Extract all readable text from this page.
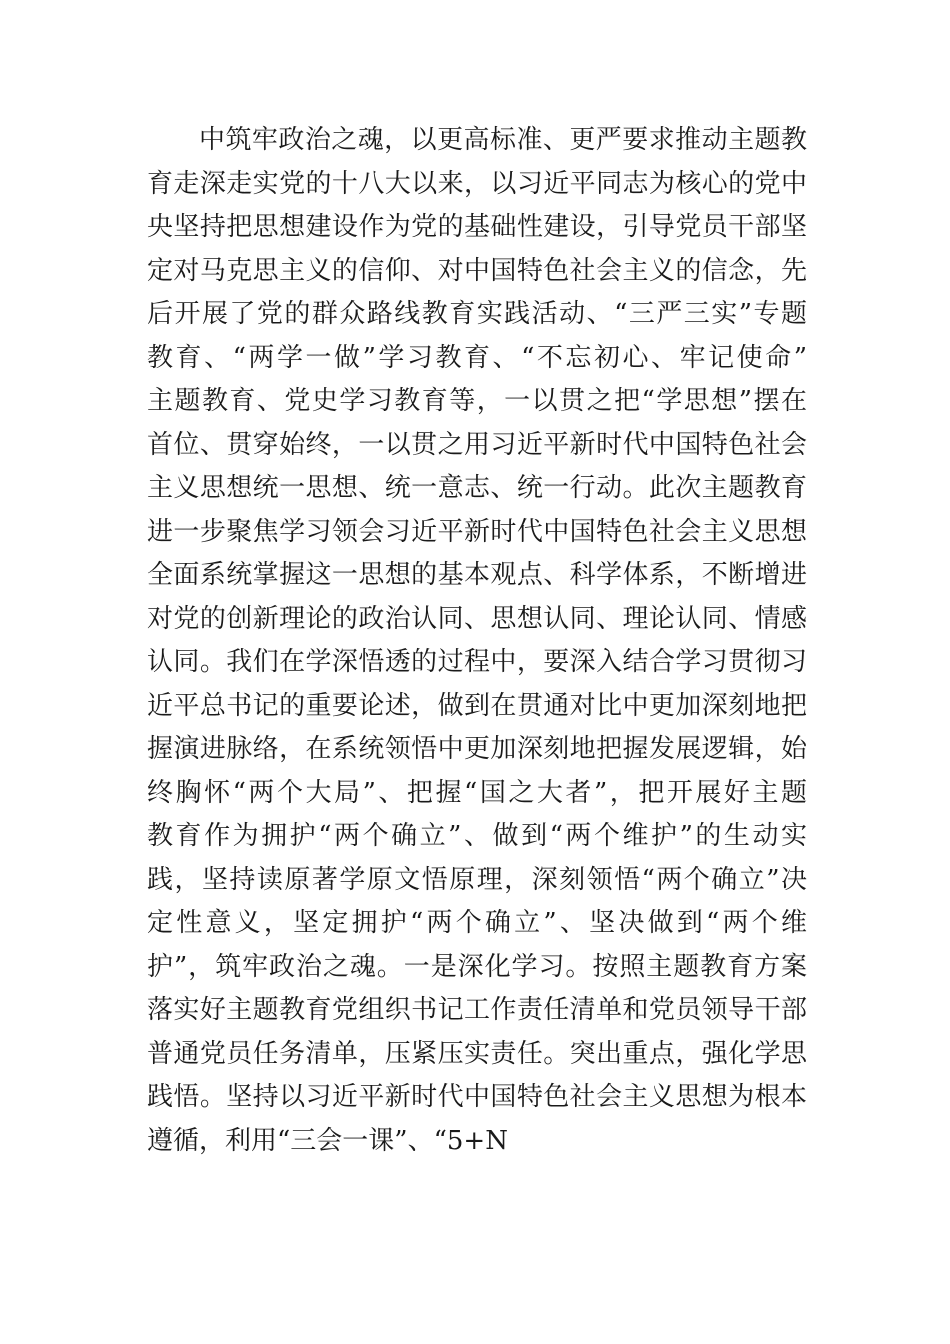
中筑牢政治之魂，以更高标准、更严要求推动主题教
育走深走实党的十八大以来，以习近平同志为核心的党中
央坚持把思想建设作为党的基础性建设，引导党员干部坚
定对马克思主义的信仰、对中国特色社会主义的信念，先
后开展了党的群众路线教育实践活动、“三严三实”专题
教育、“两学一做”学习教育、“不忘初心、牢记使命”
主题教育、党史学习教育等，一以贯之把“学思想”摆在
首位、贯穿始终，一以贯之用习近平新时代中国特色社会
主义思想统一思想、统一意志、统一行动。此次主题教育
进一步聚焦学习领会习近平新时代中国特色社会主义思想
全面系统掌握这一思想的基本观点、科学体系，不断增进
对党的创新理论的政治认同、思想认同、理论认同、情感
认同。我们在学深悟透的过程中，要深入结合学习贯彻习
近平总书记的重要论述，做到在贯通对比中更加深刻地把
握演进脉络，在系统领悟中更加深刻地把握发展逻辑，始
终胸怀“两个大局”、把握“国之大者”，把开展好主题
教育作为拥护“两个确立”、做到“两个维护”的生动实
践，坚持读原著学原文悟原理，深刻领悟“两个确立”决
定性意义，坚定拥护“两个确立”、坚决做到“两个维
护”，筑牢政治之魂。一是深化学习。按照主题教育方案
落实好主题教育党组织书记工作责任清单和党员领导干部
普通党员任务清单，压紧压实责任。突出重点，强化学思
践悟。坚持以习近平新时代中国特色社会主义思想为根本
遵循，利用“三会一课”、“5+N
